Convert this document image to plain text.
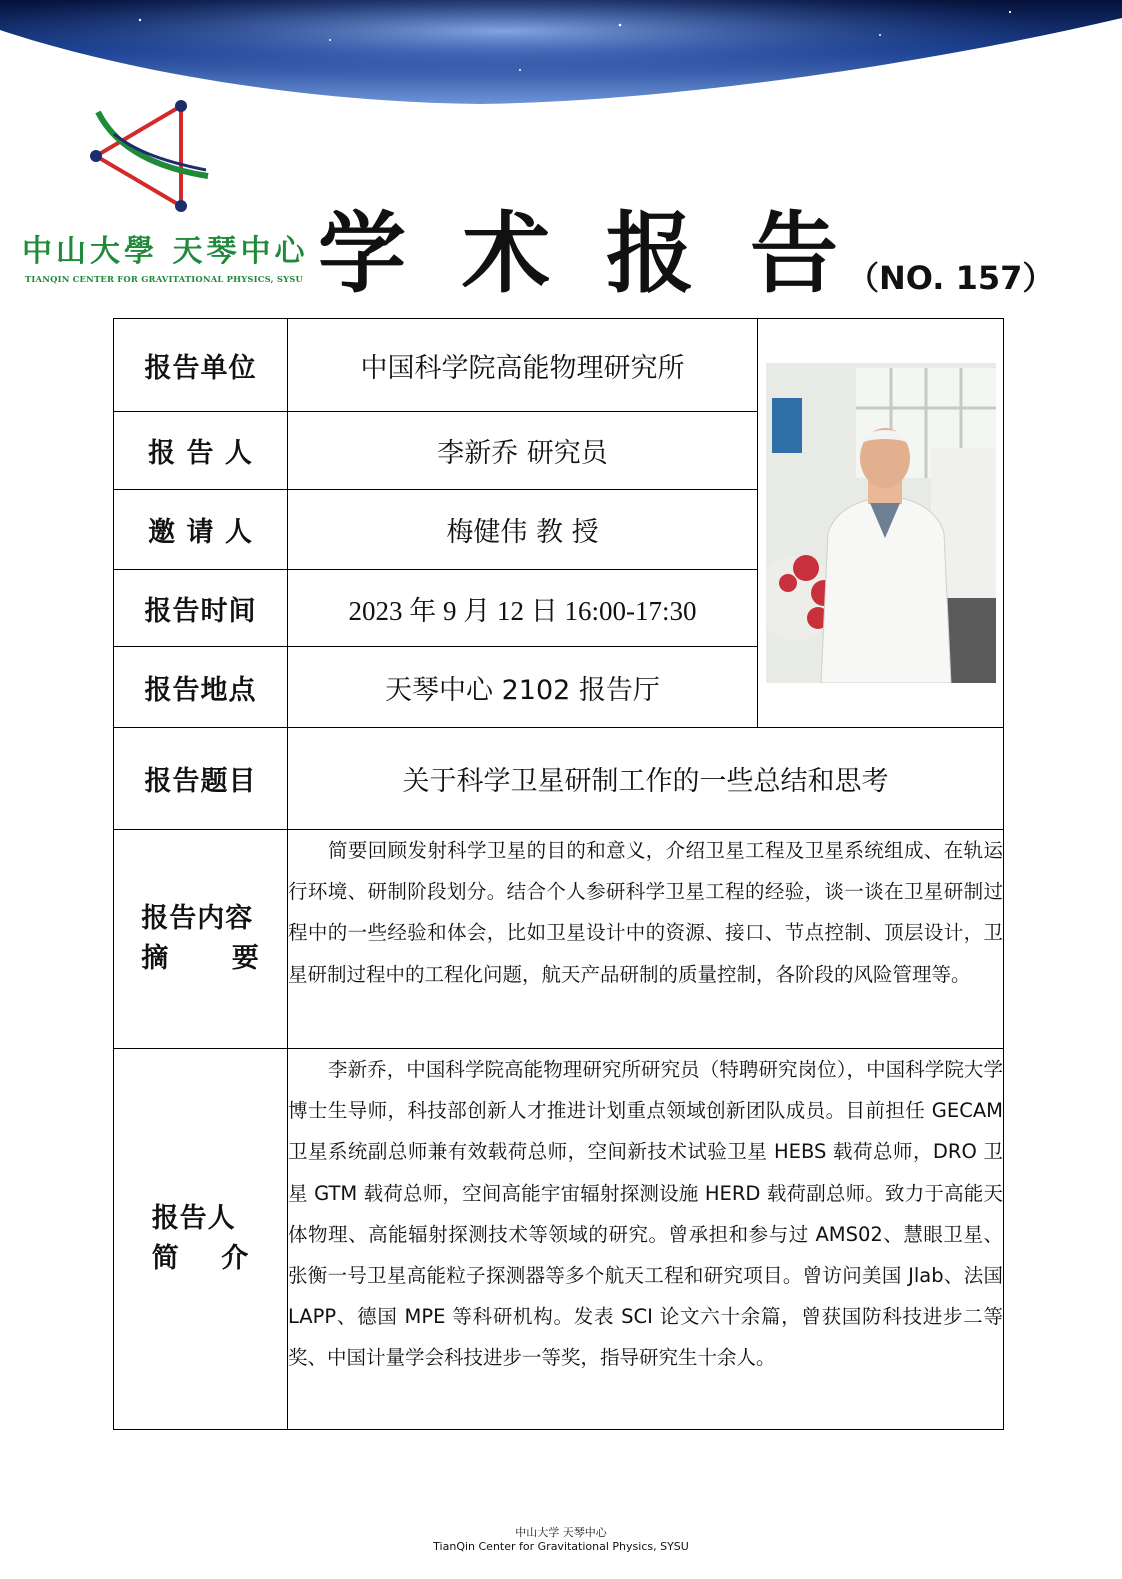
中山大學 天琴中心
TIANQIN CENTER FOR GRAVITATIONAL PHYSICS, SYSU 学术报告
（NO. 157）
报告单位	中国科学院高能物理研究所	

报 告 人	李新乔 研究员	
邀 请 人	梅健伟 教 授	
报告时间	2023 年 9 月 12 日 16:00-17:30	
报告地点	天琴中心 2102 报告厅	
报告题目	关于科学卫星研制工作的一些总结和思考	
报告内容
摘      要	简要回顾发射科学卫星的目的和意义，介绍卫星工程及卫星系统组成、在轨运行环境、研制阶段划分。结合个人参研科学卫星工程的经验，谈一谈在卫星研制过程中的一些经验和体会，比如卫星设计中的资源、接口、节点控制、顶层设计，卫星研制过程中的工程化问题，航天产品研制的质量控制，各阶段的风险管理等。	
报告人
简    介	李新乔，中国科学院高能物理研究所研究员（特聘研究岗位），中国科学院大学博士生导师，科技部创新人才推进计划重点领域创新团队成员。目前担任 GECAM 卫星系统副总师兼有效载荷总师，空间新技术试验卫星 HEBS 载荷总师，DRO 卫星 GTM 载荷总师，空间高能宇宙辐射探测设施 HERD 载荷副总师。致力于高能天体物理、高能辐射探测技术等领域的研究。曾承担和参与过 AMS02、慧眼卫星、张衡一号卫星高能粒子探测器等多个航天工程和研究项目。曾访问美国 Jlab、法国 LAPP、德国 MPE 等科研机构。发表 SCI 论文六十余篇，曾获国防科技进步二等奖、中国计量学会科技进步一等奖，指导研究生十余人。	
中山大学 天琴中心
TianQin Center for Gravitational Physics, SYSU
